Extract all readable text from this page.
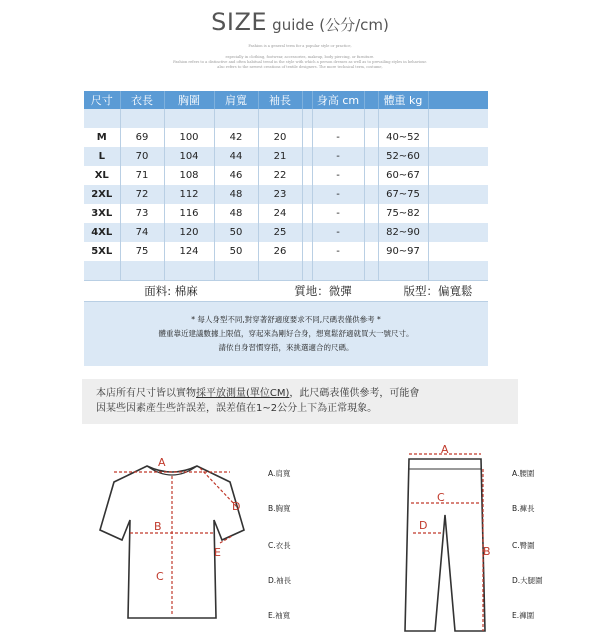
SIZE guide (公分/cm)
Fashion is a general term for a popular style or practice,
especially in clothing, footwear, accessories, makeup, body piercing, or furniture.
Fashion refers to a distinctive and often habitual trend in the style with which a person dresses as well as to prevailing styles in behaviour.
also refers to the newest creations of textile designers. The more technical term, costume,
尺寸	衣長	胸圍	肩寬	袖長		身高 cm		體重 kg	

M	69	100	42	20		-		40~52	
L	70	104	44	21		-		52~60	
XL	71	108	46	22		-		60~67	
2XL	72	112	48	23		-		67~75	
3XL	73	116	48	24		-		75~82	
4XL	74	120	50	25		-		82~90	
5XL	75	124	50	26		-		90~97	

面料: 棉麻	質地：微彈	版型：偏寬鬆

* 每人身型不同,對穿著舒適度要求不同,尺碼表僅供參考 *

體重靠近建議數據上限值，穿起來為剛好合身，想寬鬆舒適就買大一號尺寸。

請依自身習慣穿搭，來挑選適合的尺碼。

本店所有尺寸皆以實物採平放測量(單位CM)，此尺碼表僅供參考，可能會
因某些因素產生些許誤差，誤差值在1~2公分上下為正常現象。
A
B
C
D
E
A.肩寬
B.胸寬
C.衣長
D.袖長
E.袖寬
A
B
C
D
A.腰圍
B.褲長
C.臀圍
D.大腿圍
E.褲圍
